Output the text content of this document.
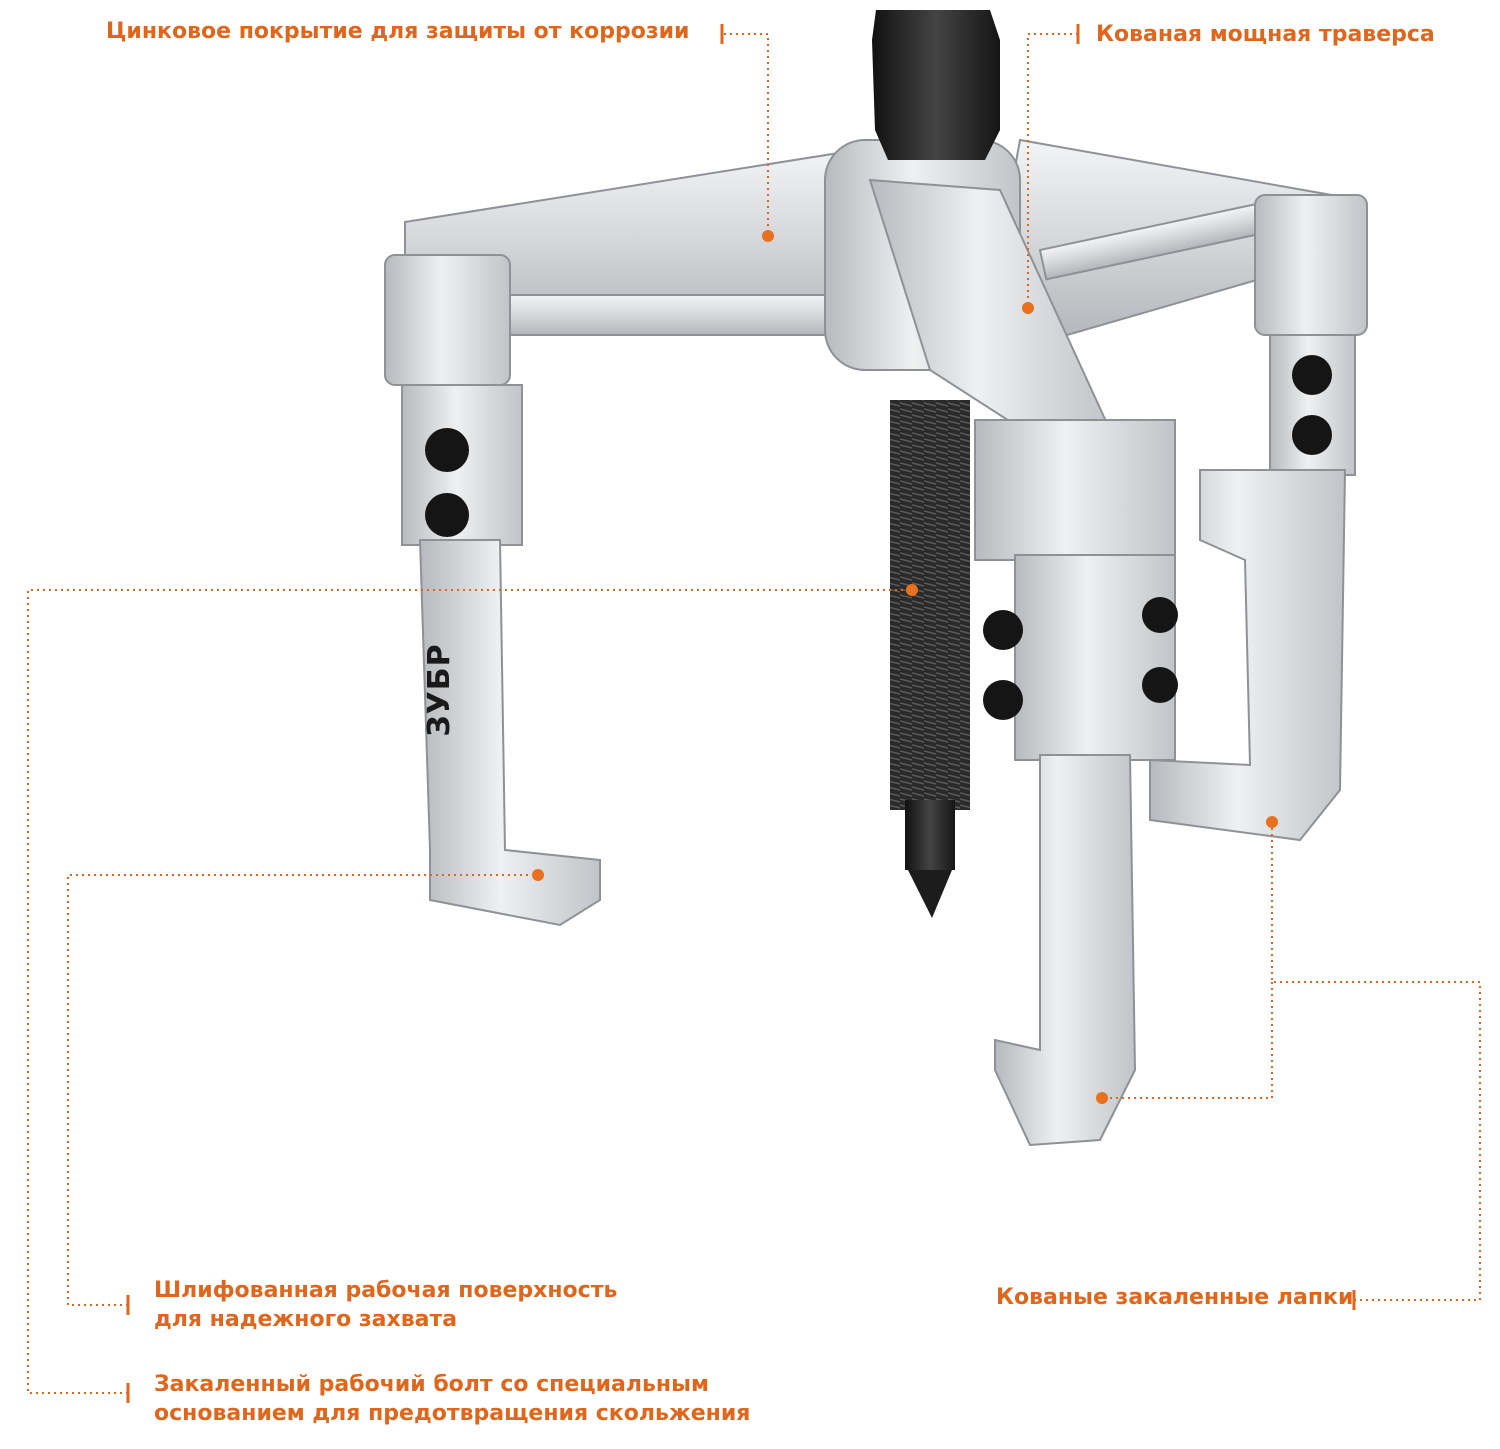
ЗУБР

Цинковое покрытие для защиты от коррозии	Кованая мощная траверса

Шлифованная рабочая поверхность
для надежного захвата

Кованые закаленные лапки

Закаленный рабочий болт со специальным
основанием для предотвращения скольжения
